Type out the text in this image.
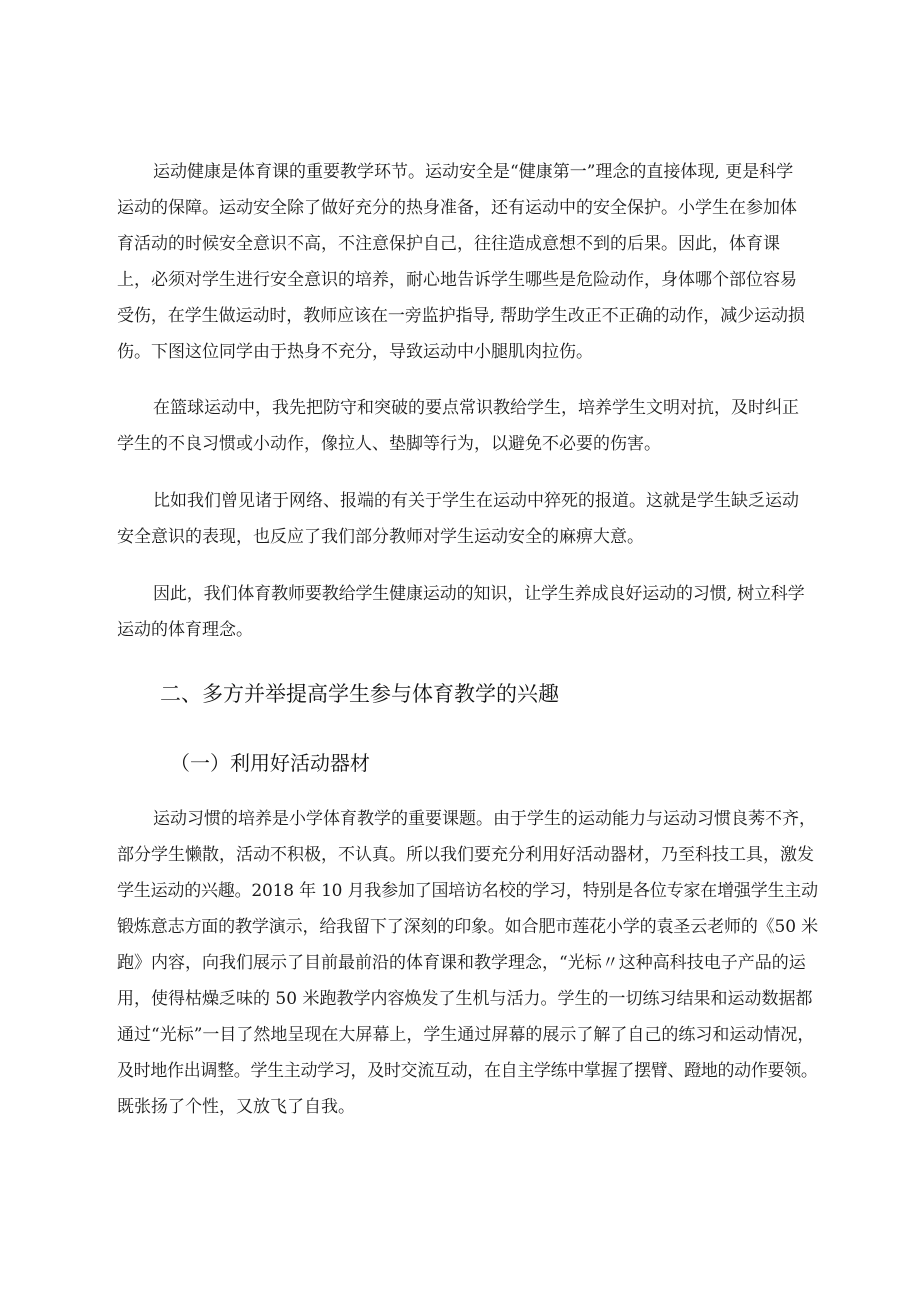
运动健康是体育课的重要教学环节。运动安全是“健康第一”理念的直接体现, 更是科学
运动的保障。运动安全除了做好充分的热身准备，还有运动中的安全保护。小学生在参加体
育活动的时候安全意识不高，不注意保护自己，往往造成意想不到的后果。因此，体育课
上，必须对学生进行安全意识的培养，耐心地告诉学生哪些是危险动作，身体哪个部位容易
受伤，在学生做运动时，教师应该在一旁监护指导, 帮助学生改正不正确的动作，减少运动损
伤。下图这位同学由于热身不充分，导致运动中小腿肌肉拉伤。
在篮球运动中，我先把防守和突破的要点常识教给学生，培养学生文明对抗，及时纠正
学生的不良习惯或小动作，像拉人、垫脚等行为，以避免不必要的伤害。
比如我们曾见诸于网络、报端的有关于学生在运动中猝死的报道。这就是学生缺乏运动
安全意识的表现，也反应了我们部分教师对学生运动安全的麻痹大意。
因此，我们体育教师要教给学生健康运动的知识，让学生养成良好运动的习惯, 树立科学
运动的体育理念。
二、多方并举提高学生参与体育教学的兴趣
（一）利用好活动器材
运动习惯的培养是小学体育教学的重要课题。由于学生的运动能力与运动习惯良莠不齐，
部分学生懒散，活动不积极，不认真。所以我们要充分利用好活动器材，乃至科技工具，激发
学生运动的兴趣。2018 年 10 月我参加了国培访名校的学习，特别是各位专家在增强学生主动
锻炼意志方面的教学演示，给我留下了深刻的印象。如合肥市莲花小学的袁圣云老师的《50 米
跑》内容，向我们展示了目前最前沿的体育课和教学理念，“光标〃这种高科技电子产品的运
用，使得枯燥乏味的 50 米跑教学内容焕发了生机与活力。学生的一切练习结果和运动数据都
通过“光标”一目了然地呈现在大屏幕上，学生通过屏幕的展示了解了自己的练习和运动情况，
及时地作出调整。学生主动学习，及时交流互动，在自主学练中掌握了摆臂、蹬地的动作要领。
既张扬了个性，又放飞了自我。
